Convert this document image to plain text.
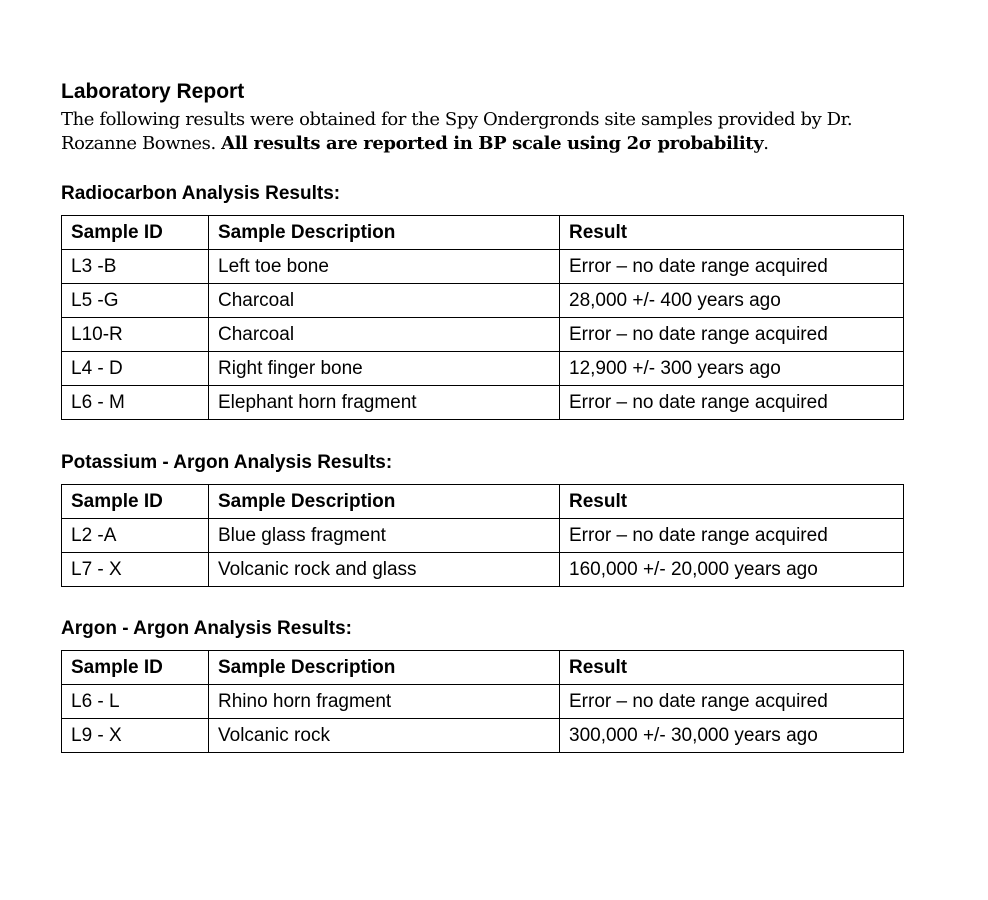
Laboratory Report

The following results were obtained for the Spy Ondergronds site samples provided by Dr. Rozanne Bownes. All results are reported in BP scale using 2σ probability.

Radiocarbon Analysis Results:
Sample ID	Sample Description	Result
L3 -B	Left toe bone	Error – no date range acquired
L5 -G	Charcoal	28,000 +/- 400 years ago
L10-R	Charcoal	Error – no date range acquired
L4 - D	Right finger bone	12,900 +/- 300 years ago
L6 - M	Elephant horn fragment	Error – no date range acquired
Potassium - Argon Analysis Results:
Sample ID	Sample Description	Result
L2 -A	Blue glass fragment	Error – no date range acquired
L7 - X	Volcanic rock and glass	160,000 +/- 20,000 years ago
Argon - Argon Analysis Results:
Sample ID	Sample Description	Result
L6 - L	Rhino horn fragment	Error – no date range acquired
L9 - X	Volcanic rock	300,000 +/- 30,000 years ago
